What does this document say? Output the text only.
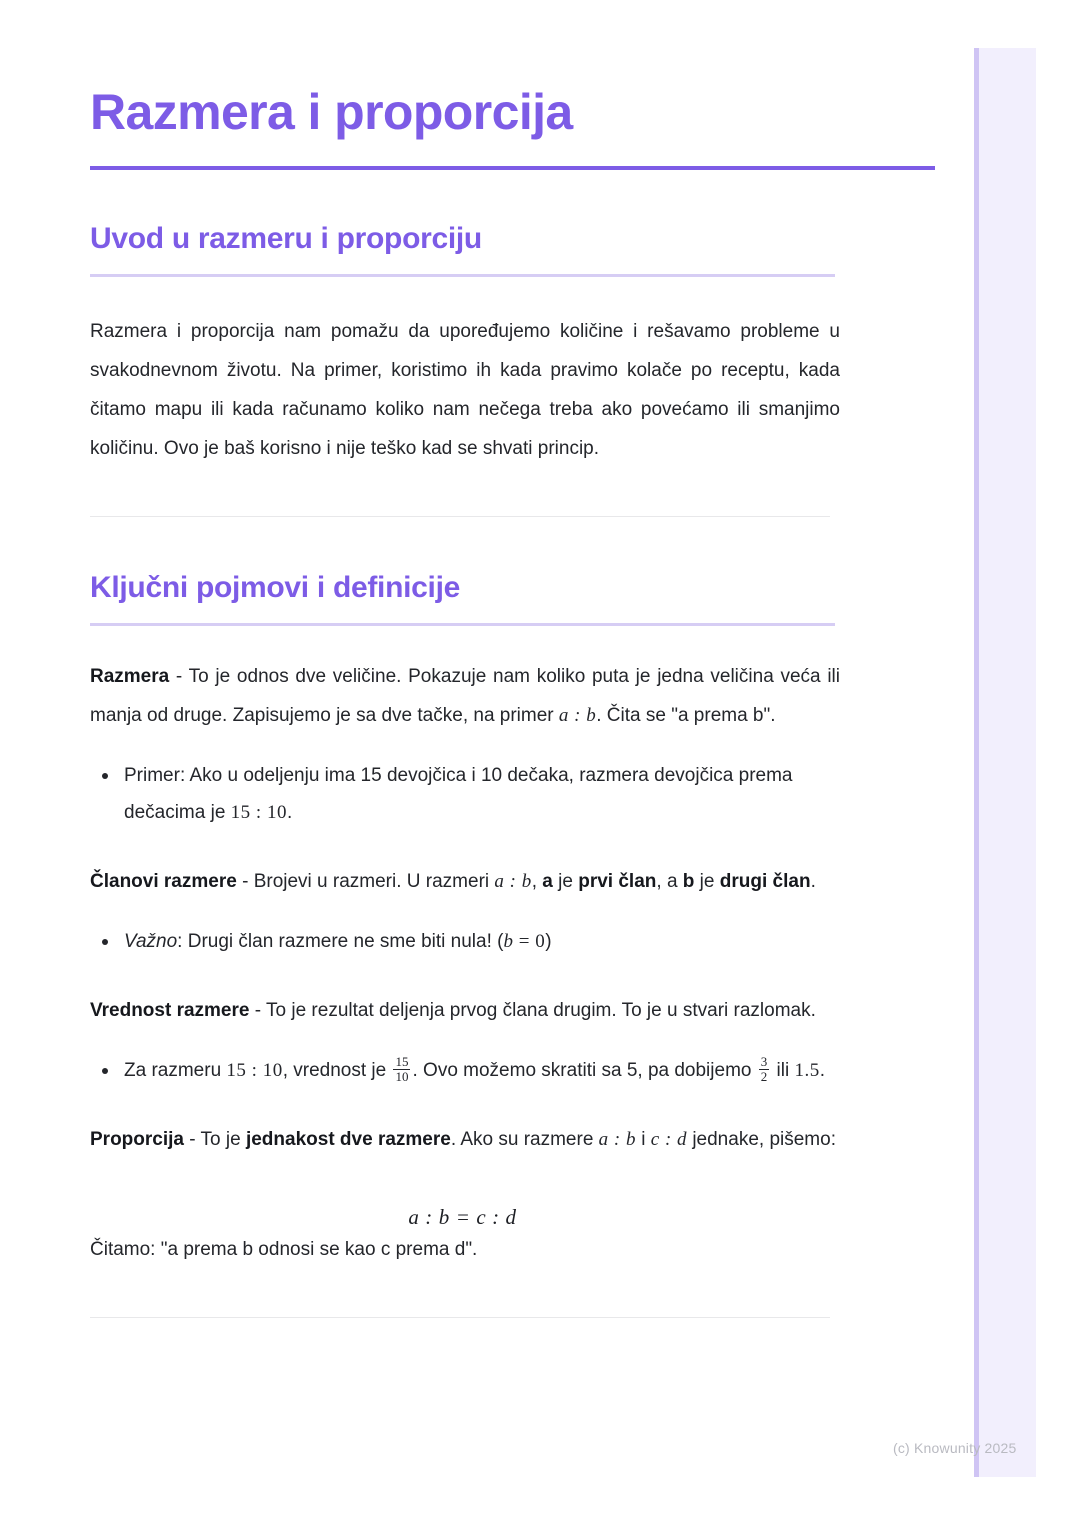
Razmera i proporcija
Uvod u razmeru i proporciju

Razmera i proporcija nam pomažu da upoređujemo količine i rešavamo probleme u svakodnevnom životu. Na primer, koristimo ih kada pravimo kolače po receptu, kada čitamo mapu ili kada računamo koliko nam nečega treba ako povećamo ili smanjimo količinu. Ovo je baš korisno i nije teško kad se shvati princip.

Ključni pojmovi i definicije

Razmera - To je odnos dve veličine. Pokazuje nam koliko puta je jedna veličina veća ili manja od druge. Zapisujemo je sa dve tačke, na primer a : b. Čita se "a prema b".

Primer: Ako u odeljenju ima 15 devojčica i 10 dečaka, razmera devojčica prema dečacima je 15 : 10.

Članovi razmere - Brojevi u razmeri. U razmeri a : b, a je prvi član, a b je drugi član.

Važno: Drugi član razmere ne sme biti nula! (b = 0)

Vrednost razmere - To je rezultat deljenja prvog člana drugim. To je u stvari razlomak.

Za razmeru 15 : 10, vrednost je $\frac{15}{10}$ . Ovo možemo skratiti sa 5, pa dobijemo $\frac{3}{2}$ ili 1.5.

Proporcija - To je jednakost dve razmere. Ako su razmere a : b i c : d jednake, pišemo:

a : b = c : d

Čitamo: "a prema b odnosi se kao c prema d".

(c) Knowunity 2025
